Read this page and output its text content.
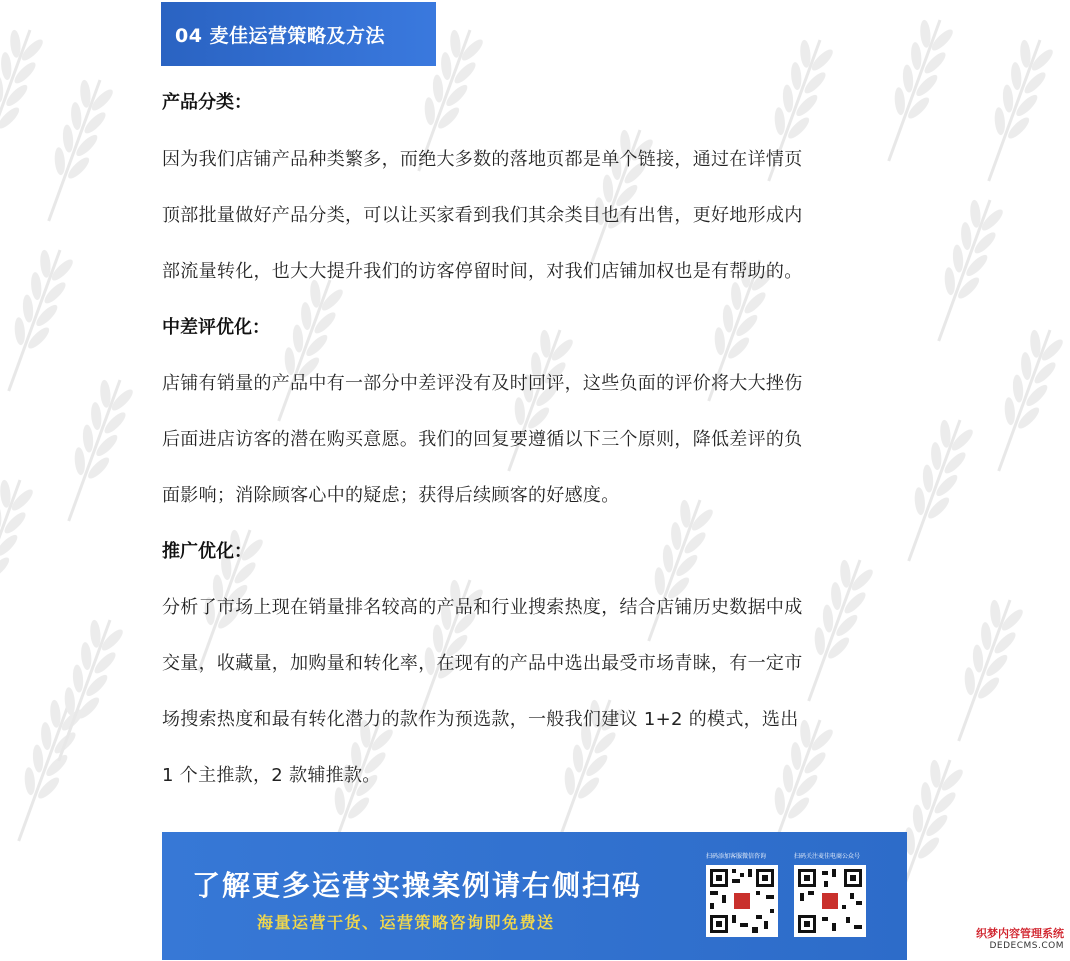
04 麦佳运营策略及方法
产品分类：
因为我们店铺产品种类繁多，而绝大多数的落地页都是单个链接，通过在详情页
顶部批量做好产品分类，可以让买家看到我们其余类目也有出售，更好地形成内
部流量转化，也大大提升我们的访客停留时间，对我们店铺加权也是有帮助的。
中差评优化：
店铺有销量的产品中有一部分中差评没有及时回评，这些负面的评价将大大挫伤
后面进店访客的潜在购买意愿。我们的回复要遵循以下三个原则，降低差评的负
面影响；消除顾客心中的疑虑；获得后续顾客的好感度。
推广优化：
分析了市场上现在销量排名较高的产品和行业搜索热度，结合店铺历史数据中成
交量，收藏量，加购量和转化率，在现有的产品中选出最受市场青睐，有一定市
场搜索热度和最有转化潜力的款作为预选款，一般我们建议 1+2 的模式，选出
1 个主推款，2 款辅推款。
了解更多运营实操案例请右侧扫码
海量运营干货、运营策略咨询即免费送
扫码添加客服微信咨询	扫码关注麦佳电商公众号
织梦内容管理系统
DEDECMS.COM
